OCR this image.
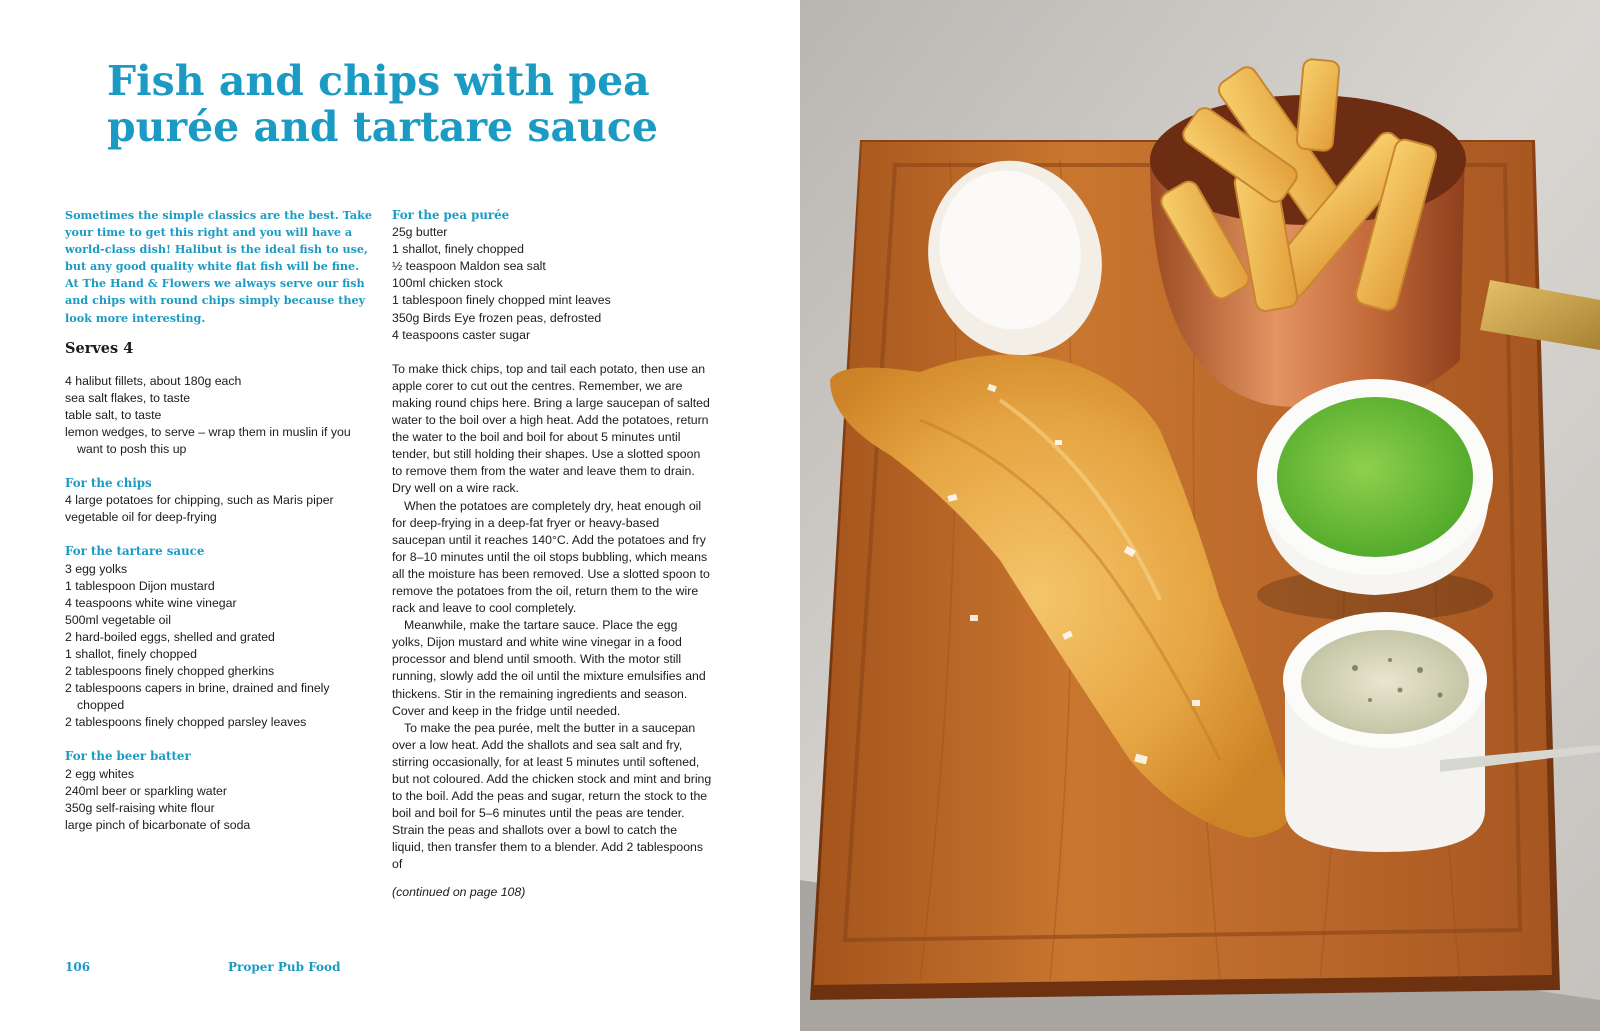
Fish and chips with pea purée and tartare sauce

Sometimes the simple classics are the best. Take your time to get this right and you will have a world-class dish! Halibut is the ideal fish to use, but any good quality white flat fish will be fine. At The Hand & Flowers we always serve our fish and chips with round chips simply because they look more interesting.

Serves 4
4 halibut fillets, about 180g each
sea salt flakes, to taste
table salt, to taste
lemon wedges, to serve – wrap them in muslin if you want to posh this up
For the chips
4 large potatoes for chipping, such as Maris piper
vegetable oil for deep-frying
For the tartare sauce
3 egg yolks
1 tablespoon Dijon mustard
4 teaspoons white wine vinegar
500ml vegetable oil
2 hard-boiled eggs, shelled and grated
1 shallot, finely chopped
2 tablespoons finely chopped gherkins
2 tablespoons capers in brine, drained and finely chopped
2 tablespoons finely chopped parsley leaves
For the beer batter
2 egg whites
240ml beer or sparkling water
350g self-raising white flour
large pinch of bicarbonate of soda
For the pea purée
25g butter
1 shallot, finely chopped
½ teaspoon Maldon sea salt
100ml chicken stock
1 tablespoon finely chopped mint leaves
350g Birds Eye frozen peas, defrosted
4 teaspoons caster sugar

To make thick chips, top and tail each potato, then use an apple corer to cut out the centres. Remember, we are making round chips here. Bring a large saucepan of salted water to the boil over a high heat. Add the potatoes, return the water to the boil and boil for about 5 minutes until tender, but still holding their shapes. Use a slotted spoon to remove them from the water and leave them to drain. Dry well on a wire rack.

When the potatoes are completely dry, heat enough oil for deep-frying in a deep-fat fryer or heavy-based saucepan until it reaches 140°C. Add the potatoes and fry for 8–10 minutes until the oil stops bubbling, which means all the moisture has been removed. Use a slotted spoon to remove the potatoes from the oil, return them to the wire rack and leave to cool completely.

Meanwhile, make the tartare sauce. Place the egg yolks, Dijon mustard and white wine vinegar in a food processor and blend until smooth. With the motor still running, slowly add the oil until the mixture emulsifies and thickens. Stir in the remaining ingredients and season. Cover and keep in the fridge until needed.

To make the pea purée, melt the butter in a saucepan over a low heat. Add the shallots and sea salt and fry, stirring occasionally, for at least 5 minutes until softened, but not coloured. Add the chicken stock and mint and bring to the boil. Add the peas and sugar, return the stock to the boil and boil for 5–6 minutes until the peas are tender. Strain the peas and shallots over a bowl to catch the liquid, then transfer them to a blender. Add 2 tablespoons of

(continued on page 108)
106	Proper Pub Food
